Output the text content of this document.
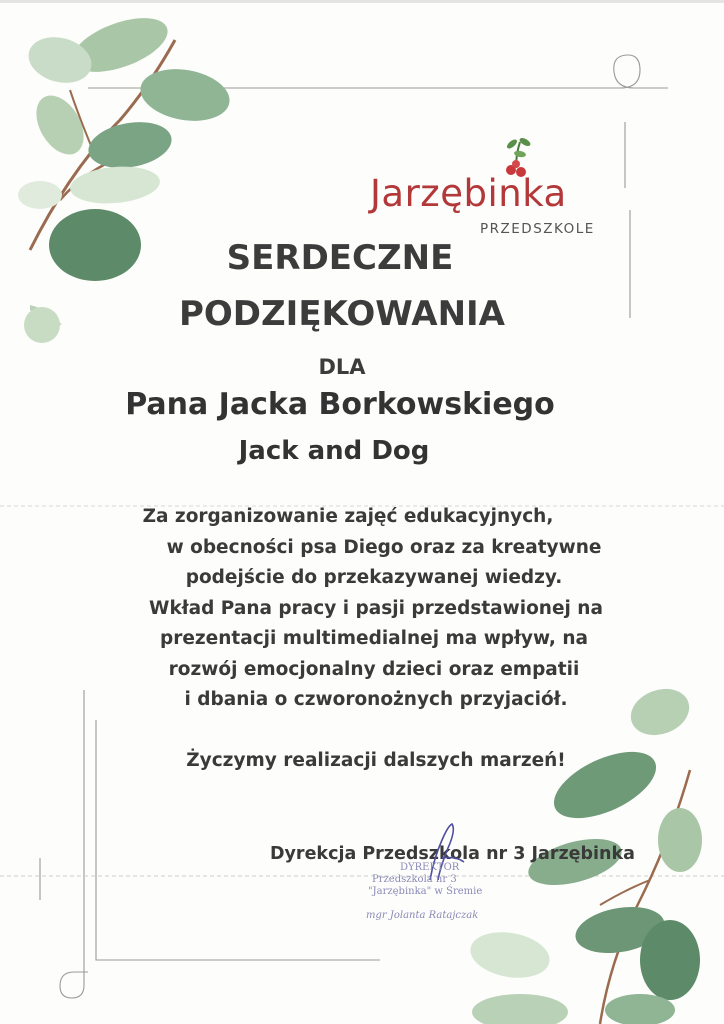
Jarzębinka
PRZEDSZKOLE
SERDECZNE
PODZIĘKOWANIA
DLA
Pana Jacka Borkowskiego
Jack and Dog
Za zorganizowanie zajęć edukacyjnych,
w obecności psa Diego oraz za kreatywne
podejście do przekazywanej wiedzy.
Wkład Pana pracy i pasji przedstawionej na
prezentacji multimedialnej ma wpływ, na
rozwój emocjonalny dzieci oraz empatii
i dbania o czworonożnych przyjaciół.
Życzymy realizacji dalszych marzeń!
Dyrekcja Przedszkola nr 3 Jarzębinka
DYREKTOR
Przedszkola nr 3
"Jarzębinka" w Śremie
mgr Jolanta Ratajczak
